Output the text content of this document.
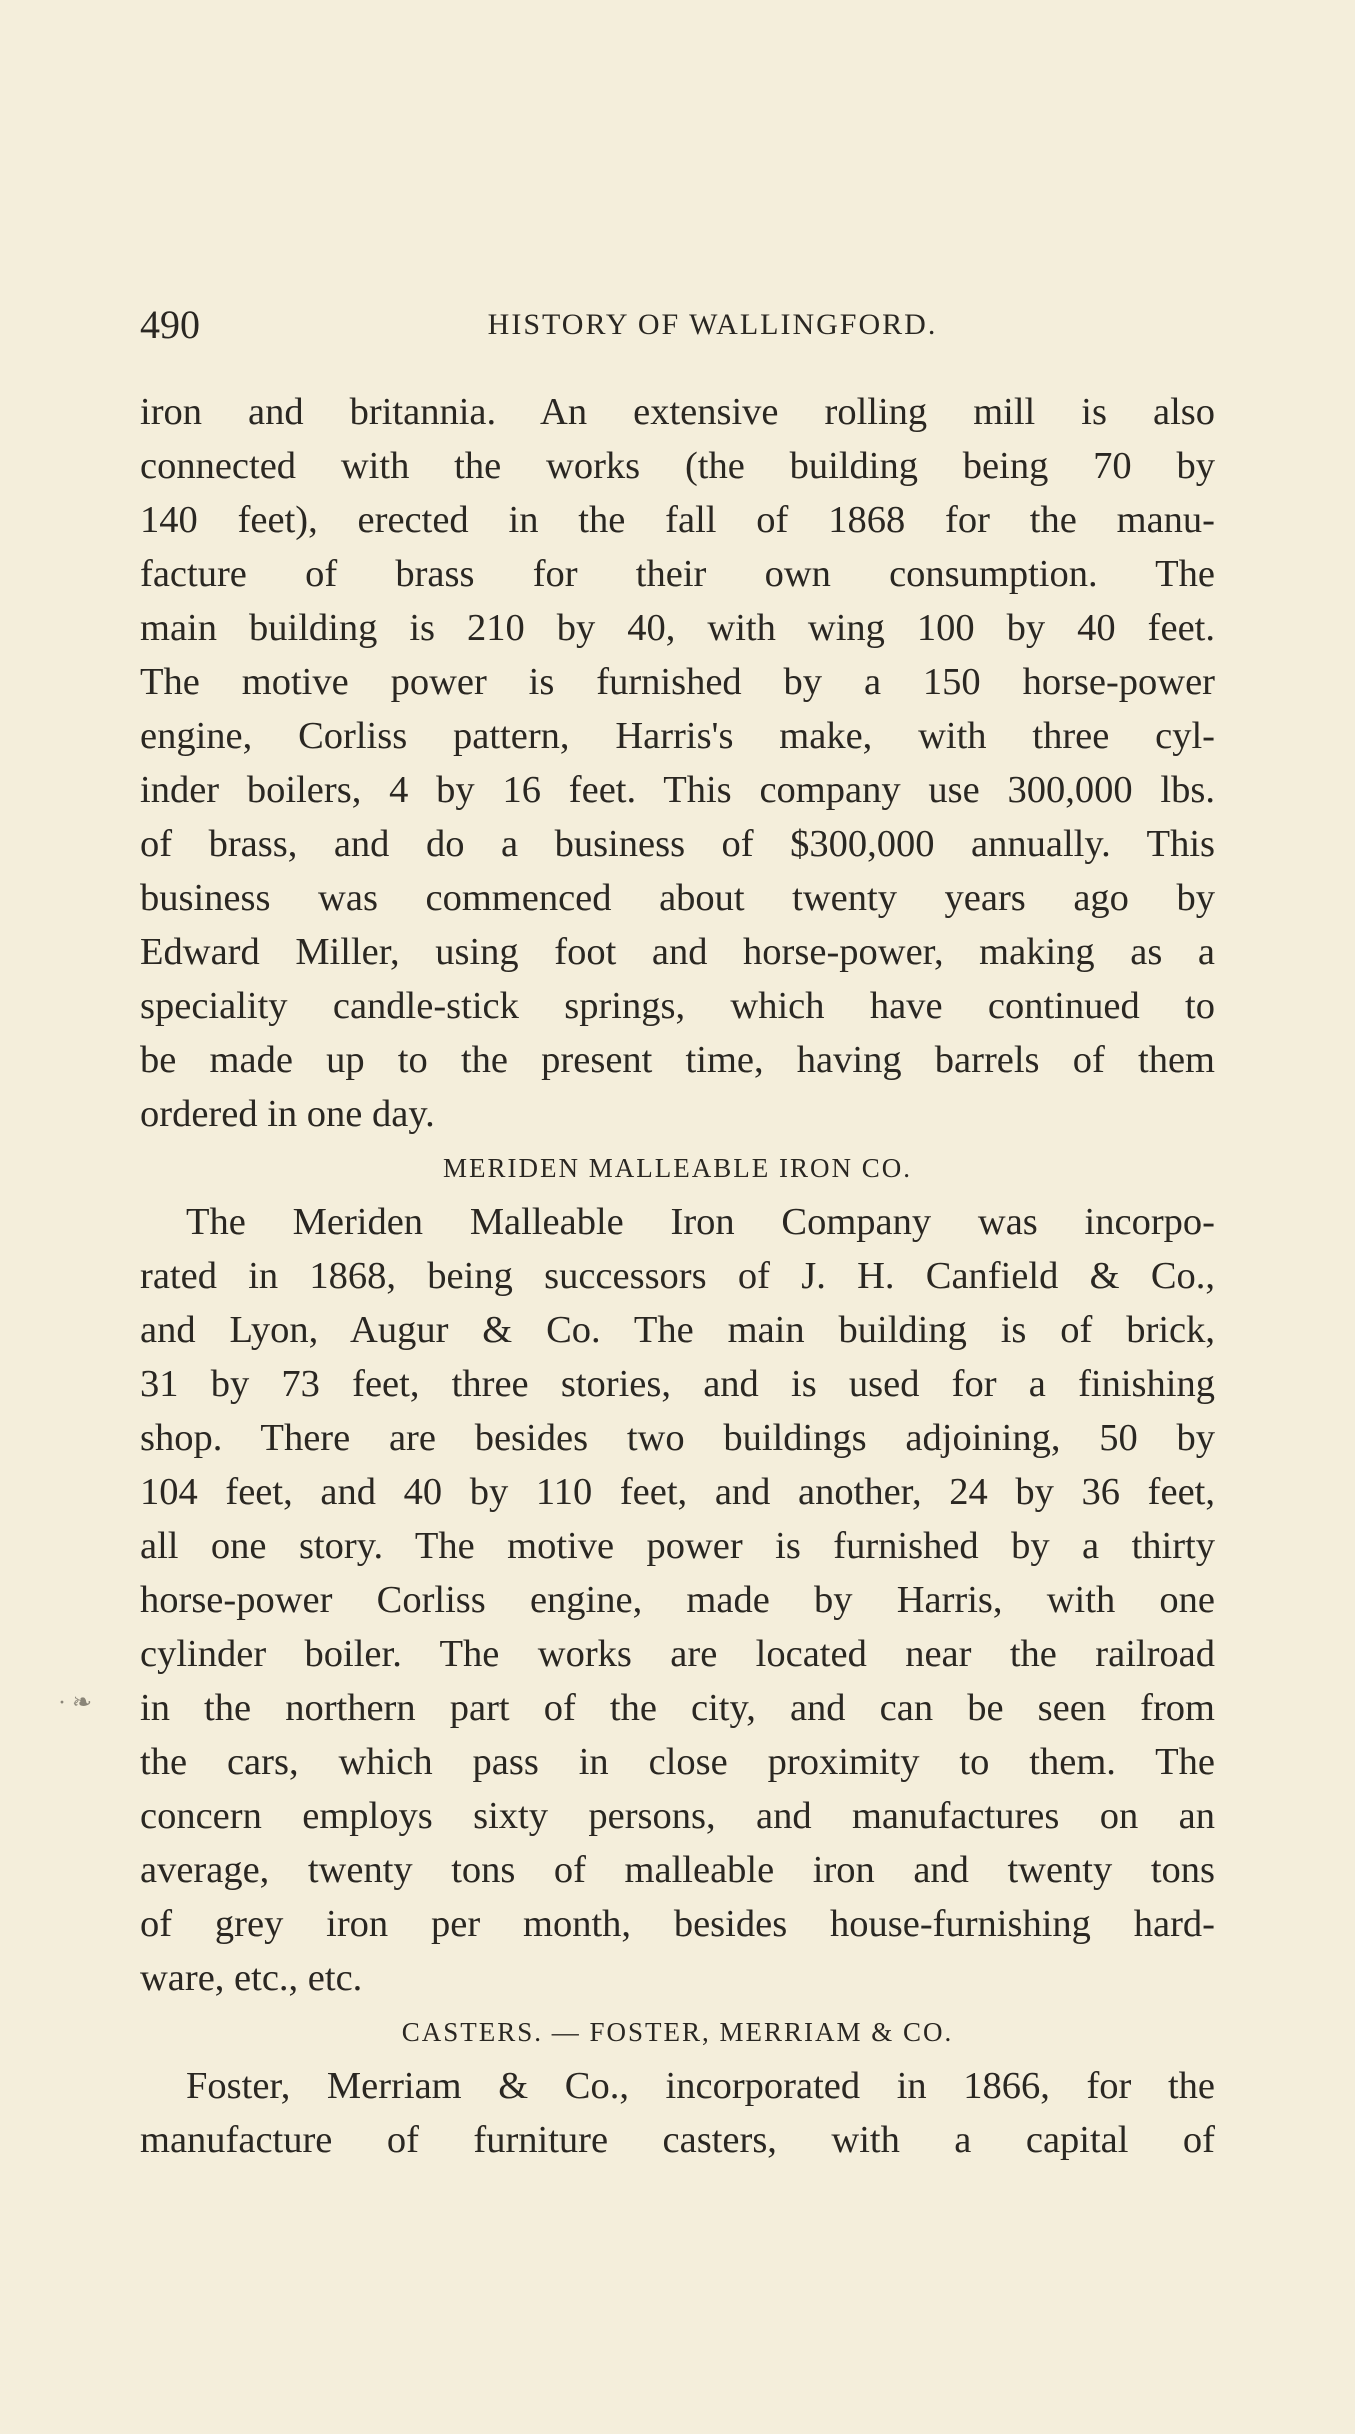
490	HISTORY OF WALLINGFORD.
· ❧
iron and britannia. An extensive rolling mill is also
connected with the works (the building being 70 by
140 feet), erected in the fall of 1868 for the manu-
facture of brass for their own consumption. The
main building is 210 by 40, with wing 100 by 40 feet.
The motive power is furnished by a 150 horse-power
engine, Corliss pattern, Harris's make, with three cyl-
inder boilers, 4 by 16 feet. This company use 300,000 lbs.
of brass, and do a business of $300,000 annually. This
business was commenced about twenty years ago by
Edward Miller, using foot and horse-power, making as a
speciality candle-stick springs, which have continued to
be made up to the present time, having barrels of them
ordered in one day.
MERIDEN MALLEABLE IRON CO.
The Meriden Malleable Iron Company was incorpo-
rated in 1868, being successors of J. H. Canfield & Co.,
and Lyon, Augur & Co. The main building is of brick,
31 by 73 feet, three stories, and is used for a finishing
shop. There are besides two buildings adjoining, 50 by
104 feet, and 40 by 110 feet, and another, 24 by 36 feet,
all one story. The motive power is furnished by a thirty
horse-power Corliss engine, made by Harris, with one
cylinder boiler. The works are located near the railroad
in the northern part of the city, and can be seen from
the cars, which pass in close proximity to them. The
concern employs sixty persons, and manufactures on an
average, twenty tons of malleable iron and twenty tons
of grey iron per month, besides house-furnishing hard-
ware, etc., etc.
CASTERS. — FOSTER, MERRIAM & CO.
Foster, Merriam & Co., incorporated in 1866, for the
manufacture of furniture casters, with a capital of
